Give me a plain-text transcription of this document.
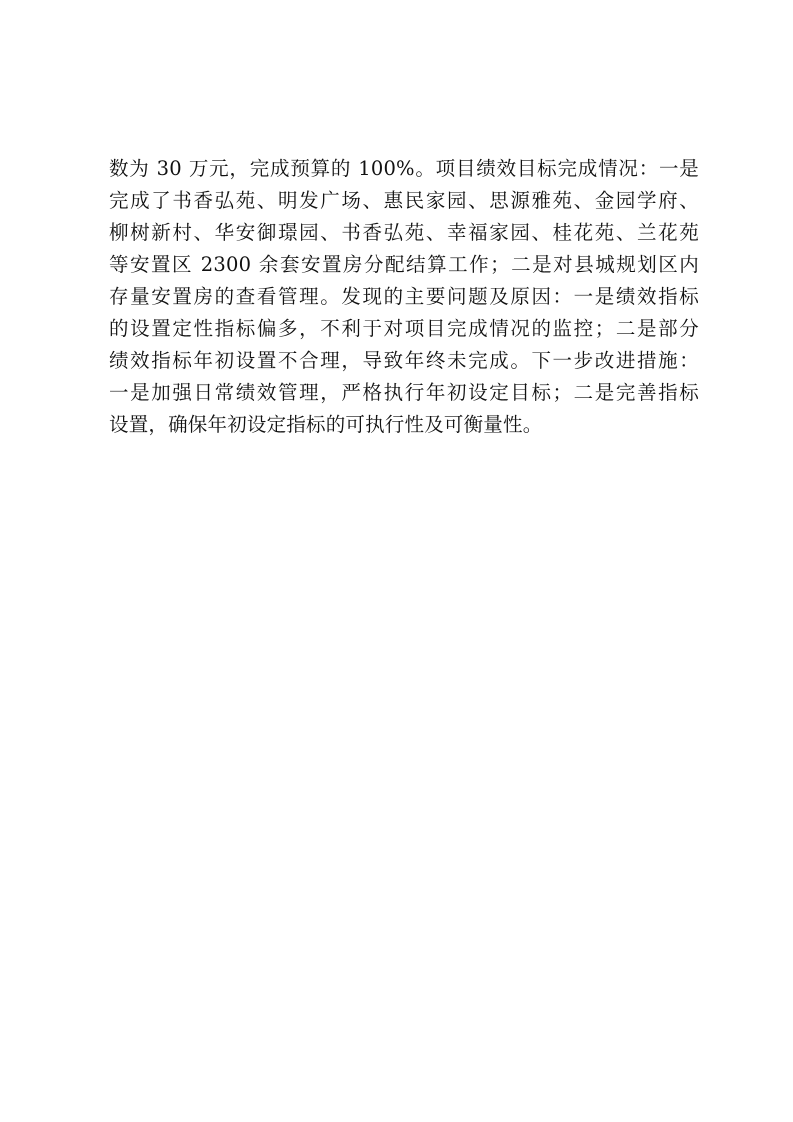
数为 30 万元，完成预算的 100%。项目绩效目标完成情况：一是
完成了书香弘苑、明发广场、惠民家园、思源雅苑、金园学府、
柳树新村、华安御璟园、书香弘苑、幸福家园、桂花苑、兰花苑
等安置区 2300 余套安置房分配结算工作；二是对县城规划区内
存量安置房的查看管理。发现的主要问题及原因：一是绩效指标
的设置定性指标偏多，不利于对项目完成情况的监控；二是部分
绩效指标年初设置不合理，导致年终未完成。下一步改进措施：
一是加强日常绩效管理，严格执行年初设定目标；二是完善指标
设置，确保年初设定指标的可执行性及可衡量性。
